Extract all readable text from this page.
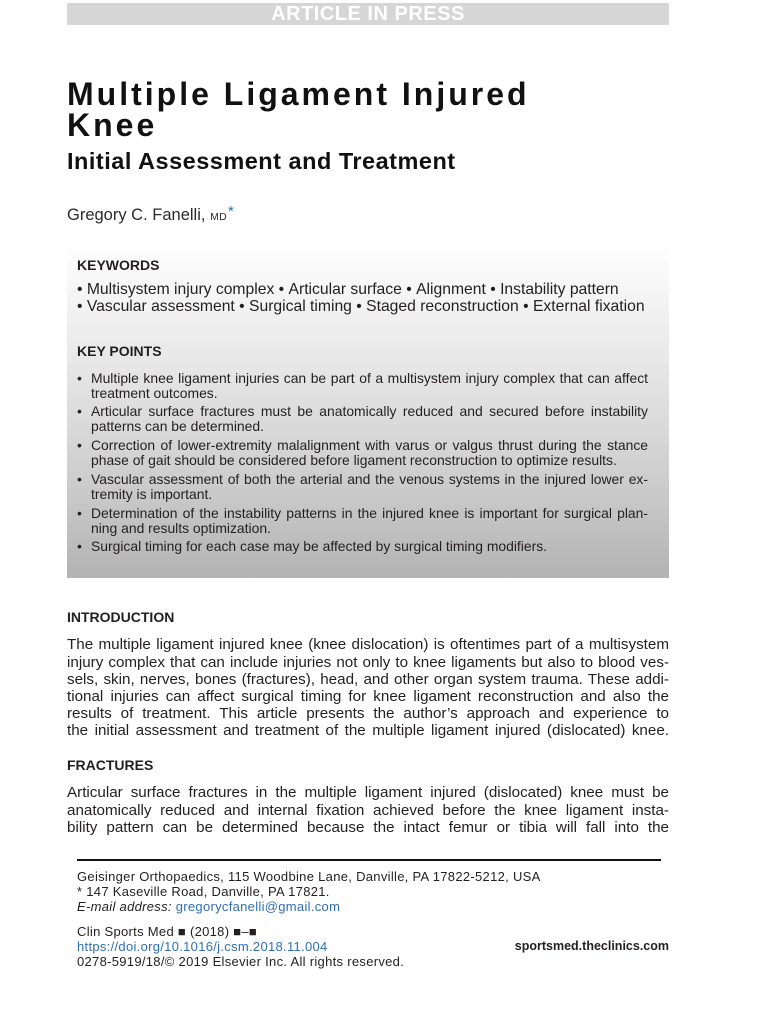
ARTICLE IN PRESS
Multiple Ligament Injured
Knee
Initial Assessment and Treatment
Gregory C. Fanelli, MD*
KEYWORDS
• Multisystem injury complex • Articular surface • Alignment • Instability pattern
• Vascular assessment • Surgical timing • Staged reconstruction • External fixation
KEY POINTS
• Multiple knee ligament injuries can be part of a multisystem injury complex that can affect
treatment outcomes.
• Articular surface fractures must be anatomically reduced and secured before instability
patterns can be determined.
• Correction of lower-extremity malalignment with varus or valgus thrust during the stance
phase of gait should be considered before ligament reconstruction to optimize results.
• Vascular assessment of both the arterial and the venous systems in the injured lower ex-
tremity is important.
• Determination of the instability patterns in the injured knee is important for surgical plan-
ning and results optimization.
• Surgical timing for each case may be affected by surgical timing modifiers.
INTRODUCTION
The multiple ligament injured knee (knee dislocation) is oftentimes part of a multisystem
injury complex that can include injuries not only to knee ligaments but also to blood ves-
sels, skin, nerves, bones (fractures), head, and other organ system trauma. These addi-
tional injuries can affect surgical timing for knee ligament reconstruction and also the
results of treatment. This article presents the author’s approach and experience to
the initial assessment and treatment of the multiple ligament injured (dislocated) knee.
FRACTURES
Articular surface fractures in the multiple ligament injured (dislocated) knee must be
anatomically reduced and internal fixation achieved before the knee ligament insta-
bility pattern can be determined because the intact femur or tibia will fall into the
Geisinger Orthopaedics, 115 Woodbine Lane, Danville, PA 17822-5212, USA
* 147 Kaseville Road, Danville, PA 17821.
E-mail address: gregorycfanelli@gmail.com
Clin Sports Med ■ (2018) ■–■
https://doi.org/10.1016/j.csm.2018.11.004
0278-5919/18/© 2019 Elsevier Inc. All rights reserved.
sportsmed.theclinics.com
